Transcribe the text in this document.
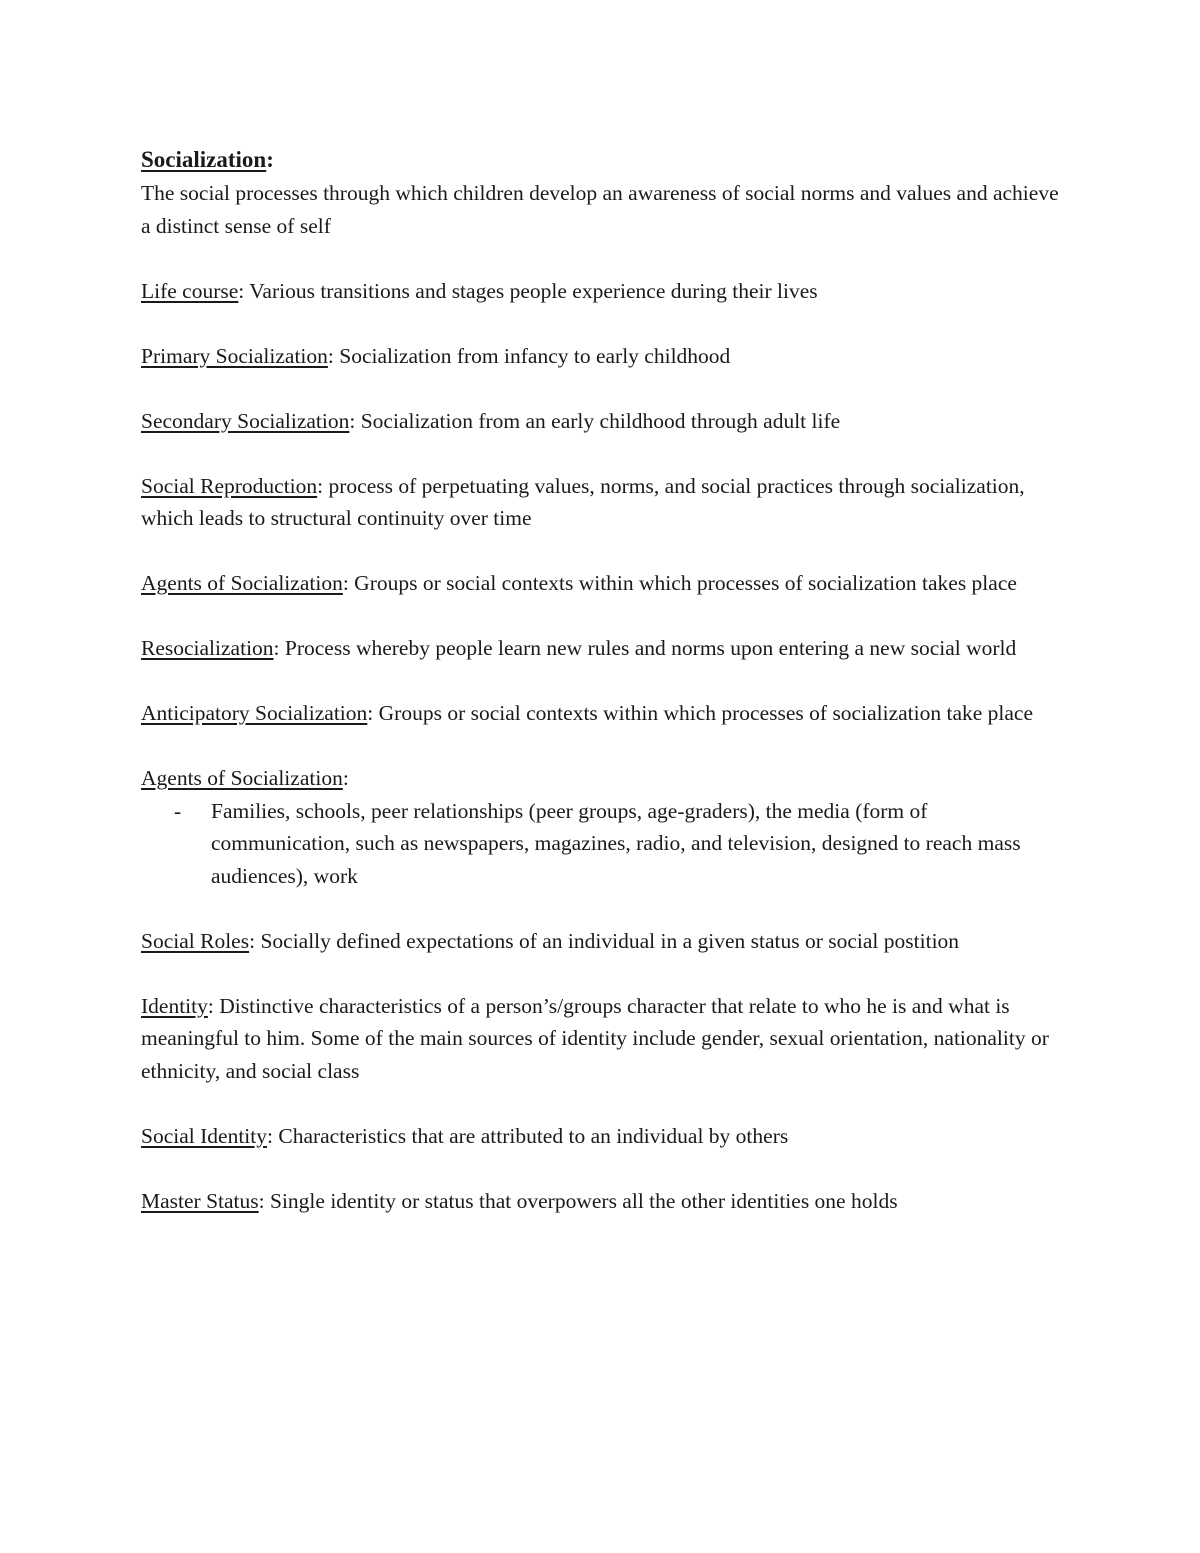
Socialization:

The social processes through which children develop an awareness of social norms and values and achieve a distinct sense of self

Life course: Various transitions and stages people experience during their lives

Primary Socialization: Socialization from infancy to early childhood

Secondary Socialization: Socialization from an early childhood through adult life

Social Reproduction: process of perpetuating values, norms, and social practices through socialization, which leads to structural continuity over time

Agents of Socialization: Groups or social contexts within which processes of socialization takes place

Resocialization: Process whereby people learn new rules and norms upon entering a new social world

Anticipatory Socialization: Groups or social contexts within which processes of socialization take place

Agents of Socialization:
- Families, schools, peer relationships (peer groups, age-graders), the media (form of communication, such as newspapers, magazines, radio, and television, designed to reach mass audiences), work

Social Roles: Socially defined expectations of an individual in a given status or social postition

Identity: Distinctive characteristics of a person’s/groups character that relate to who he is and what is meaningful to him. Some of the main sources of identity include gender, sexual orientation, nationality or ethnicity, and social class

Social Identity: Characteristics that are attributed to an individual by others

Master Status: Single identity or status that overpowers all the other identities one holds
